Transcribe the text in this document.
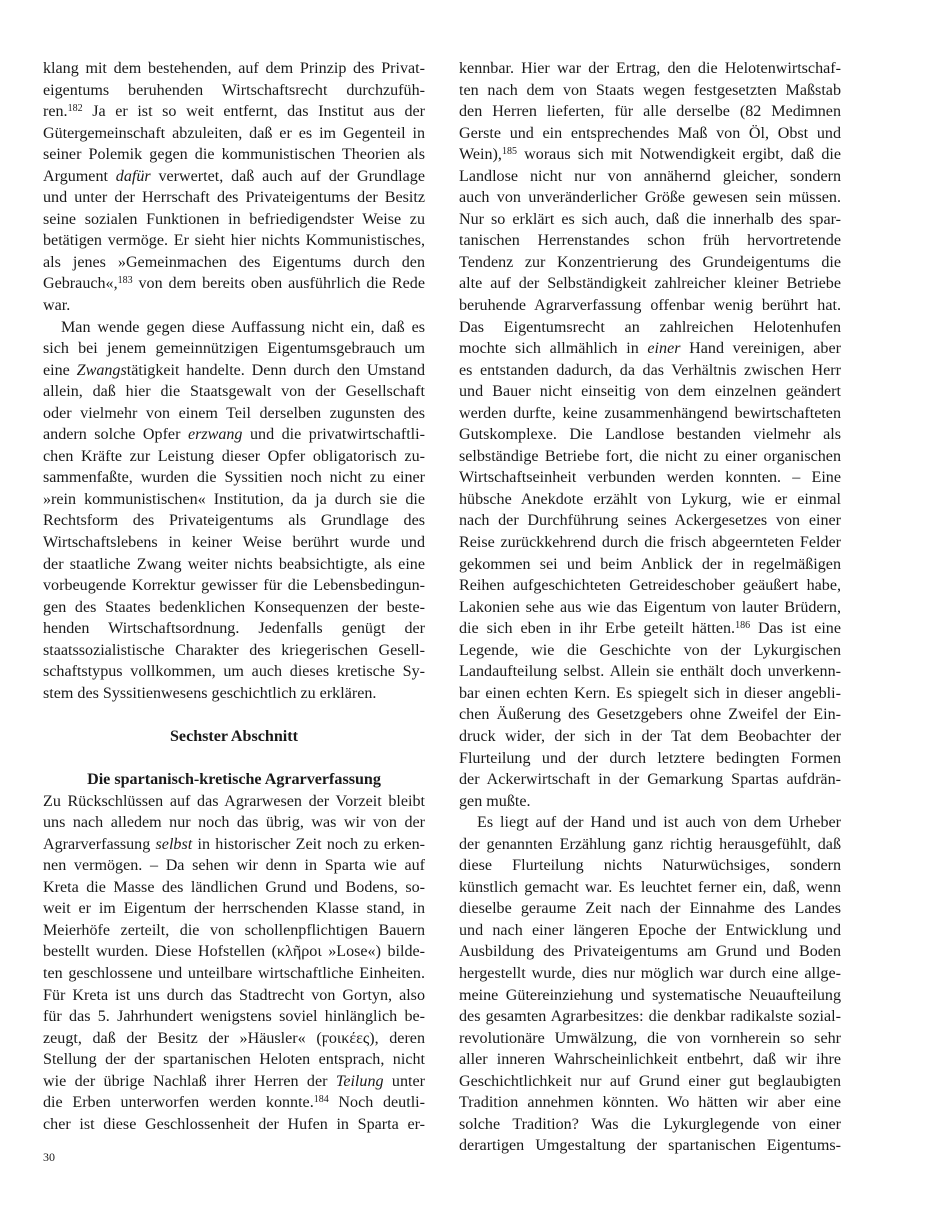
klang mit dem bestehenden, auf dem Prinzip des Privat-
eigentums beruhenden Wirtschaftsrecht durchzufüh-
ren.$^{182}$ Ja er ist so weit entfernt, das Institut aus der
Gütergemeinschaft abzuleiten, daß er es im Gegenteil in
seiner Polemik gegen die kommunistischen Theorien als
Argument dafür verwertet, daß auch auf der Grundlage
und unter der Herrschaft des Privateigentums der Besitz
seine sozialen Funktionen in befriedigendster Weise zu
betätigen vermöge. Er sieht hier nichts Kommunistisches,
als jenes »Gemeinmachen des Eigentums durch den
Gebrauch«,$^{183}$ von dem bereits oben ausführlich die Rede
war.
Man wende gegen diese Auffassung nicht ein, daß es
sich bei jenem gemeinnützigen Eigentumsgebrauch um
eine Zwangstätigkeit handelte. Denn durch den Umstand
allein, daß hier die Staatsgewalt von der Gesellschaft
oder vielmehr von einem Teil derselben zugunsten des
andern solche Opfer erzwang und die privatwirtschaftli-
chen Kräfte zur Leistung dieser Opfer obligatorisch zu-
sammenfaßte, wurden die Syssitien noch nicht zu einer
»rein kommunistischen« Institution, da ja durch sie die
Rechtsform des Privateigentums als Grundlage des
Wirtschaftslebens in keiner Weise berührt wurde und
der staatliche Zwang weiter nichts beabsichtigte, als eine
vorbeugende Korrektur gewisser für die Lebensbedingun-
gen des Staates bedenklichen Konsequenzen der beste-
henden Wirtschaftsordnung. Jedenfalls genügt der
staatssozialistische Charakter des kriegerischen Gesell-
schaftstypus vollkommen, um auch dieses kretische Sy-
stem des Syssitienwesens geschichtlich zu erklären.
Sechster Abschnitt
Die spartanisch-kretische Agrarverfassung
Zu Rückschlüssen auf das Agrarwesen der Vorzeit bleibt
uns nach alledem nur noch das übrig, was wir von der
Agrarverfassung selbst in historischer Zeit noch zu erken-
nen vermögen. – Da sehen wir denn in Sparta wie auf
Kreta die Masse des ländlichen Grund und Bodens, so-
weit er im Eigentum der herrschenden Klasse stand, in
Meierhöfe zerteilt, die von schollenpflichtigen Bauern
bestellt wurden. Diese Hofstellen (κλῆροι »Lose«) bilde-
ten geschlossene und unteilbare wirtschaftliche Einheiten.
Für Kreta ist uns durch das Stadtrecht von Gortyn, also
für das 5. Jahrhundert wenigstens soviel hinlänglich be-
zeugt, daß der Besitz der »Häusler« (ϝοικέες), deren
Stellung der der spartanischen Heloten entsprach, nicht
wie der übrige Nachlaß ihrer Herren der Teilung unter
die Erben unterworfen werden konnte.$^{184}$ Noch deutli-
cher ist diese Geschlossenheit der Hufen in Sparta er-
kennbar. Hier war der Ertrag, den die Helotenwirtschaf-
ten nach dem von Staats wegen festgesetzten Maßstab
den Herren lieferten, für alle derselbe (82 Medimnen
Gerste und ein entsprechendes Maß von Öl, Obst und
Wein),$^{185}$ woraus sich mit Notwendigkeit ergibt, daß die
Landlose nicht nur von annähernd gleicher, sondern
auch von unveränderlicher Größe gewesen sein müssen.
Nur so erklärt es sich auch, daß die innerhalb des spar-
tanischen Herrenstandes schon früh hervortretende
Tendenz zur Konzentrierung des Grundeigentums die
alte auf der Selbständigkeit zahlreicher kleiner Betriebe
beruhende Agrarverfassung offenbar wenig berührt hat.
Das Eigentumsrecht an zahlreichen Helotenhufen
mochte sich allmählich in einer Hand vereinigen, aber
es entstanden dadurch, da das Verhältnis zwischen Herr
und Bauer nicht einseitig von dem einzelnen geändert
werden durfte, keine zusammenhängend bewirtschafteten
Gutskomplexe. Die Landlose bestanden vielmehr als
selbständige Betriebe fort, die nicht zu einer organischen
Wirtschaftseinheit verbunden werden konnten. – Eine
hübsche Anekdote erzählt von Lykurg, wie er einmal
nach der Durchführung seines Ackergesetzes von einer
Reise zurückkehrend durch die frisch abgeernteten Felder
gekommen sei und beim Anblick der in regelmäßigen
Reihen aufgeschichteten Getreideschober geäußert habe,
Lakonien sehe aus wie das Eigentum von lauter Brüdern,
die sich eben in ihr Erbe geteilt hätten.$^{186}$ Das ist eine
Legende, wie die Geschichte von der Lykurgischen
Landaufteilung selbst. Allein sie enthält doch unverkenn-
bar einen echten Kern. Es spiegelt sich in dieser angebli-
chen Äußerung des Gesetzgebers ohne Zweifel der Ein-
druck wider, der sich in der Tat dem Beobachter der
Flurteilung und der durch letztere bedingten Formen
der Ackerwirtschaft in der Gemarkung Spartas aufdrän-
gen mußte.
Es liegt auf der Hand und ist auch von dem Urheber
der genannten Erzählung ganz richtig herausgefühlt, daß
diese Flurteilung nichts Naturwüchsiges, sondern
künstlich gemacht war. Es leuchtet ferner ein, daß, wenn
dieselbe geraume Zeit nach der Einnahme des Landes
und nach einer längeren Epoche der Entwicklung und
Ausbildung des Privateigentums am Grund und Boden
hergestellt wurde, dies nur möglich war durch eine allge-
meine Gütereinziehung und systematische Neuaufteilung
des gesamten Agrarbesitzes: die denkbar radikalste sozial-
revolutionäre Umwälzung, die von vornherein so sehr
aller inneren Wahrscheinlichkeit entbehrt, daß wir ihre
Geschichtlichkeit nur auf Grund einer gut beglaubigten
Tradition annehmen könnten. Wo hätten wir aber eine
solche Tradition? Was die Lykurglegende von einer
derartigen Umgestaltung der spartanischen Eigentums-
30
